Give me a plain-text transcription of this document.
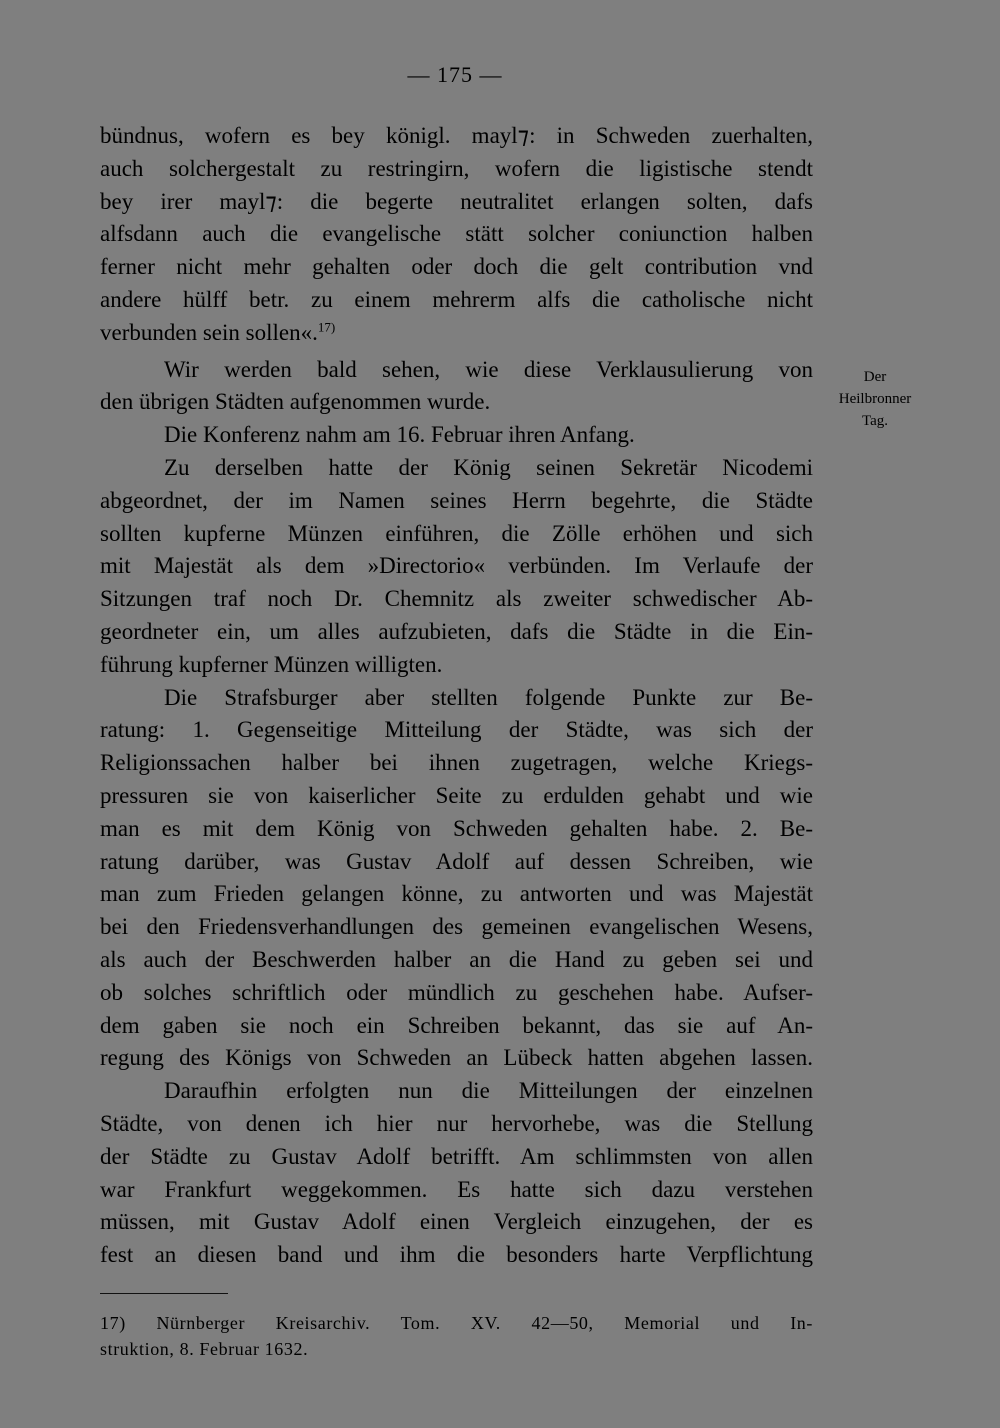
— 175 —
bündnus, wofern es bey königl. mayl⁊: in Schweden zuerhalten,
auch solchergestalt zu restringirn, wofern die ligistische stendt
bey irer mayl⁊: die begerte neutralitet erlangen solten, dafs
alfsdann auch die evangelische stätt solcher coniunction halben
ferner nicht mehr gehalten oder doch die gelt contribution vnd
andere hülff betr. zu einem mehrerm alfs die catholische nicht
verbunden sein sollen«.$^{17)}$
Wir werden bald sehen, wie diese Verklausulierung von
den übrigen Städten aufgenommen wurde.
Die Konferenz nahm am 16. Februar ihren Anfang.
Zu derselben hatte der König seinen Sekretär Nicodemi
abgeordnet, der im Namen seines Herrn begehrte, die Städte
sollten kupferne Münzen einführen, die Zölle erhöhen und sich
mit Majestät als dem »Directorio« verbünden. Im Verlaufe der
Sitzungen traf noch Dr. Chemnitz als zweiter schwedischer Ab-
geordneter ein, um alles aufzubieten, dafs die Städte in die Ein-
führung kupferner Münzen willigten.
Die Strafsburger aber stellten folgende Punkte zur Be-
ratung: 1. Gegenseitige Mitteilung der Städte, was sich der
Religionssachen halber bei ihnen zugetragen, welche Kriegs-
pressuren sie von kaiserlicher Seite zu erdulden gehabt und wie
man es mit dem König von Schweden gehalten habe. 2. Be-
ratung darüber, was Gustav Adolf auf dessen Schreiben, wie
man zum Frieden gelangen könne, zu antworten und was Majestät
bei den Friedensverhandlungen des gemeinen evangelischen Wesens,
als auch der Beschwerden halber an die Hand zu geben sei und
ob solches schriftlich oder mündlich zu geschehen habe. Aufser-
dem gaben sie noch ein Schreiben bekannt, das sie auf An-
regung des Königs von Schweden an Lübeck hatten abgehen lassen.
Daraufhin erfolgten nun die Mitteilungen der einzelnen
Städte, von denen ich hier nur hervorhebe, was die Stellung
der Städte zu Gustav Adolf betrifft. Am schlimmsten von allen
war Frankfurt weggekommen. Es hatte sich dazu verstehen
müssen, mit Gustav Adolf einen Vergleich einzugehen, der es
fest an diesen band und ihm die besonders harte Verpflichtung
Der
Heilbronner
Tag.
17) Nürnberger Kreisarchiv. Tom. XV. 42—50, Memorial und In-
struktion, 8. Februar 1632.
